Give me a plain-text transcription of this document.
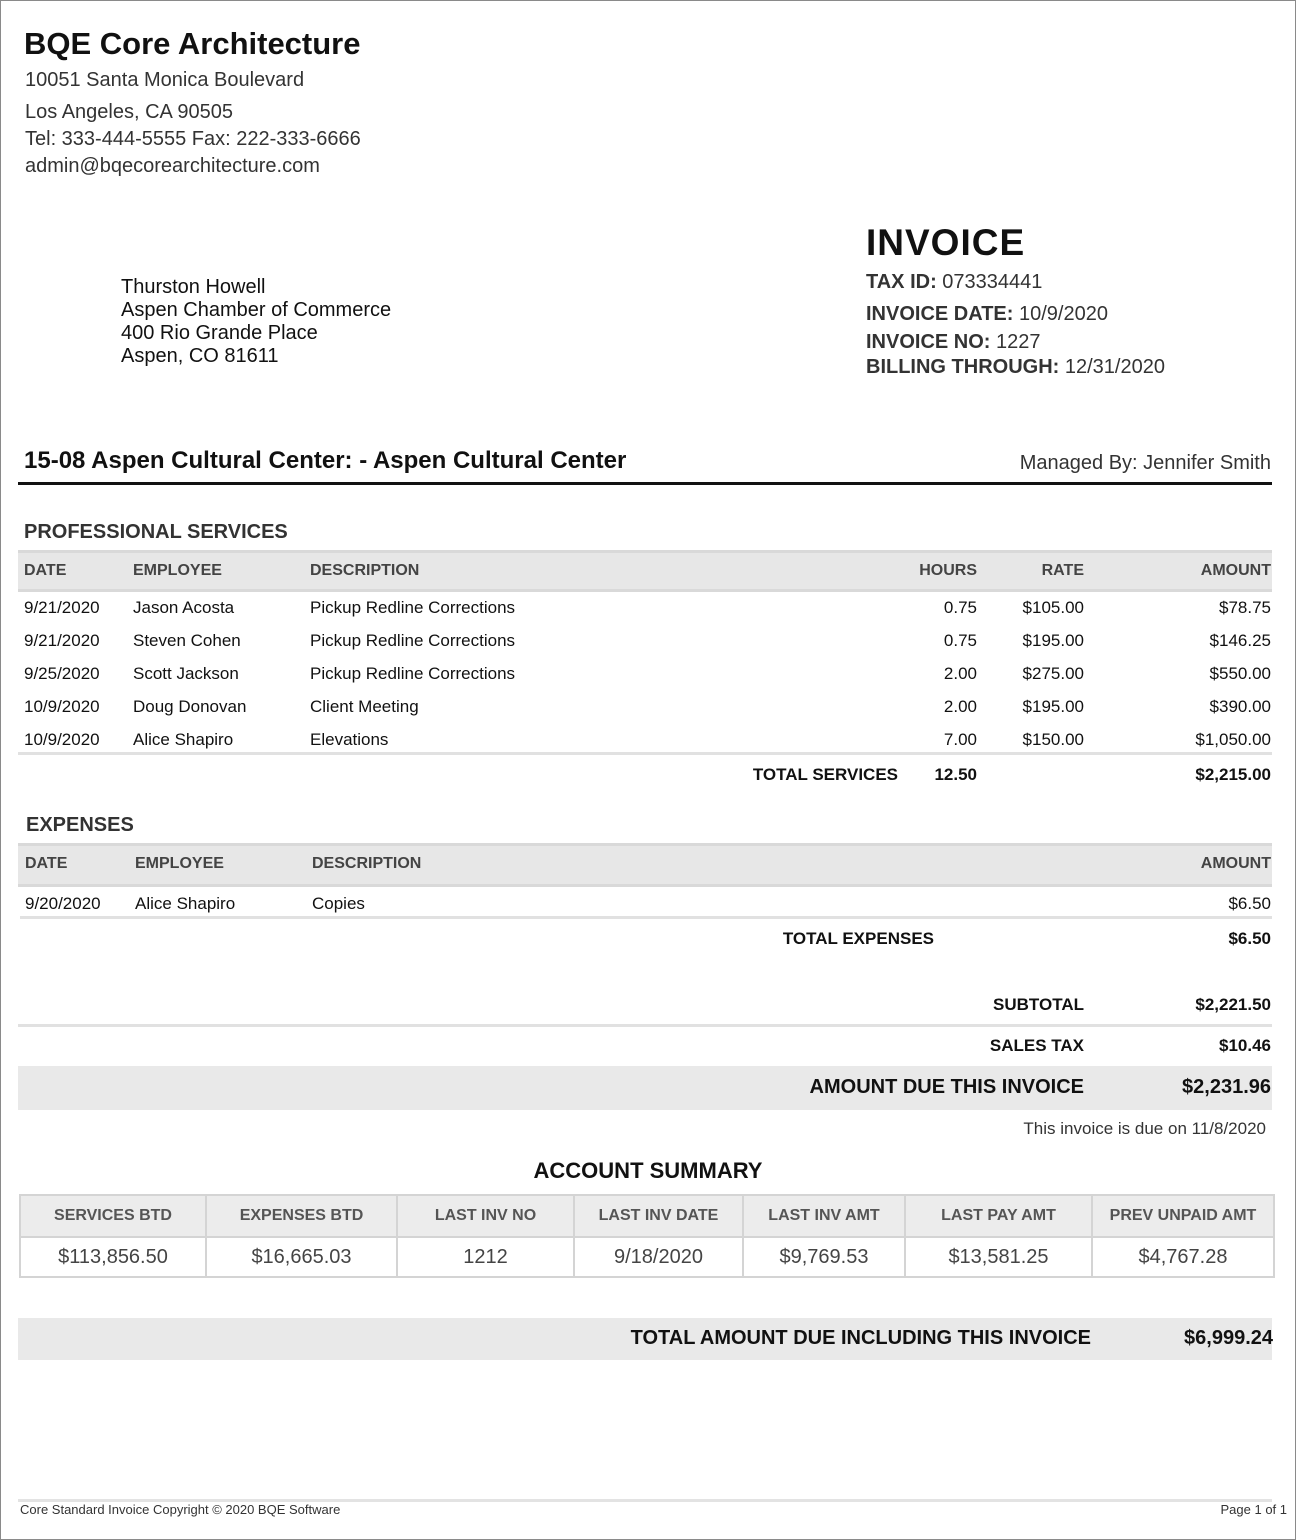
BQE Core Architecture
10051 Santa Monica Boulevard
Los Angeles, CA 90505
Tel: 333-444-5555 Fax: 222-333-6666
admin@bqecorearchitecture.com
INVOICE
TAX ID: 073334441
INVOICE DATE: 10/9/2020
INVOICE NO: 1227
BILLING THROUGH: 12/31/2020
Thurston Howell
Aspen Chamber of Commerce
400 Rio Grande Place
Aspen, CO 81611
15-08 Aspen Cultural Center: - Aspen Cultural Center	Managed By: Jennifer Smith
PROFESSIONAL SERVICES
DATE	EMPLOYEE	DESCRIPTION	HOURS	RATE	AMOUNT
9/21/2020 Jason Acosta	Pickup Redline Corrections	0.75	$105.00	$78.75
9/21/2020 Steven Cohen	Pickup Redline Corrections	0.75	$195.00	$146.25
9/25/2020 Scott Jackson	Pickup Redline Corrections	2.00	$275.00	$550.00
10/9/2020 Doug Donovan	Client Meeting	2.00	$195.00	$390.00
10/9/2020 Alice Shapiro	Elevations	7.00	$150.00	$1,050.00
TOTAL SERVICES 12.50	$2,215.00
EXPENSES
DATE	EMPLOYEE	DESCRIPTION	AMOUNT
9/20/2020 Alice Shapiro	Copies	$6.50
TOTAL EXPENSES	$6.50
SUBTOTAL	$2,221.50
SALES TAX	$10.46
AMOUNT DUE THIS INVOICE	$2,231.96
This invoice is due on 11/8/2020
ACCOUNT SUMMARY
SERVICES BTD	EXPENSES BTD	LAST INV NO	LAST INV DATE	LAST INV AMT	LAST PAY AMT	PREV UNPAID AMT
$113,856.50	$16,665.03	1212	9/18/2020	$9,769.53	$13,581.25	$4,767.28
TOTAL AMOUNT DUE INCLUDING THIS INVOICE	$6,999.24
Core Standard Invoice Copyright © 2020 BQE Software	Page 1 of 1
